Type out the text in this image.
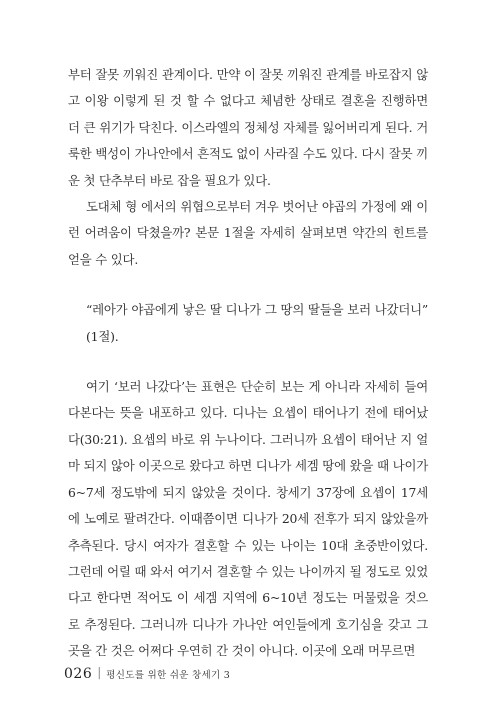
부터 잘못 끼워진 관계이다. 만약 이 잘못 끼워진 관계를 바로잡지 않고 이왕 이렇게 된 것 할 수 없다고 체념한 상태로 결혼을 진행하면 더 큰 위기가 닥친다. 이스라엘의 정체성 자체를 잃어버리게 된다. 거룩한 백성이 가나안에서 흔적도 없이 사라질 수도 있다. 다시 잘못 끼운 첫 단추부터 바로 잡을 필요가 있다.

도대체 형 에서의 위협으로부터 겨우 벗어난 야곱의 가정에 왜 이런 어려움이 닥쳤을까? 본문 1절을 자세히 살펴보면 약간의 힌트를 얻을 수 있다.

“레아가 야곱에게 낳은 딸 디나가 그 땅의 딸들을 보러 나갔더니” (1절).

여기 ‘보러 나갔다’는 표현은 단순히 보는 게 아니라 자세히 들여다본다는 뜻을 내포하고 있다. 디나는 요셉이 태어나기 전에 태어났다(30:21). 요셉의 바로 위 누나이다. 그러니까 요셉이 태어난 지 얼마 되지 않아 이곳으로 왔다고 하면 디나가 세겜 땅에 왔을 때 나이가 6~7세 정도밖에 되지 않았을 것이다. 창세기 37장에 요셉이 17세에 노예로 팔려간다. 이때쯤이면 디나가 20세 전후가 되지 않았을까 추측된다. 당시 여자가 결혼할 수 있는 나이는 10대 초중반이었다. 그런데 어릴 때 와서 여기서 결혼할 수 있는 나이까지 될 정도로 있었다고 한다면 적어도 이 세겜 지역에 6~10년 정도는 머물렀을 것으로 추정된다. 그러니까 디나가 가나안 여인들에게 호기심을 갖고 그곳을 간 것은 어쩌다 우연히 간 것이 아니다. 이곳에 오래 머무르면

026 | 평신도를 위한 쉬운 창세기 3
